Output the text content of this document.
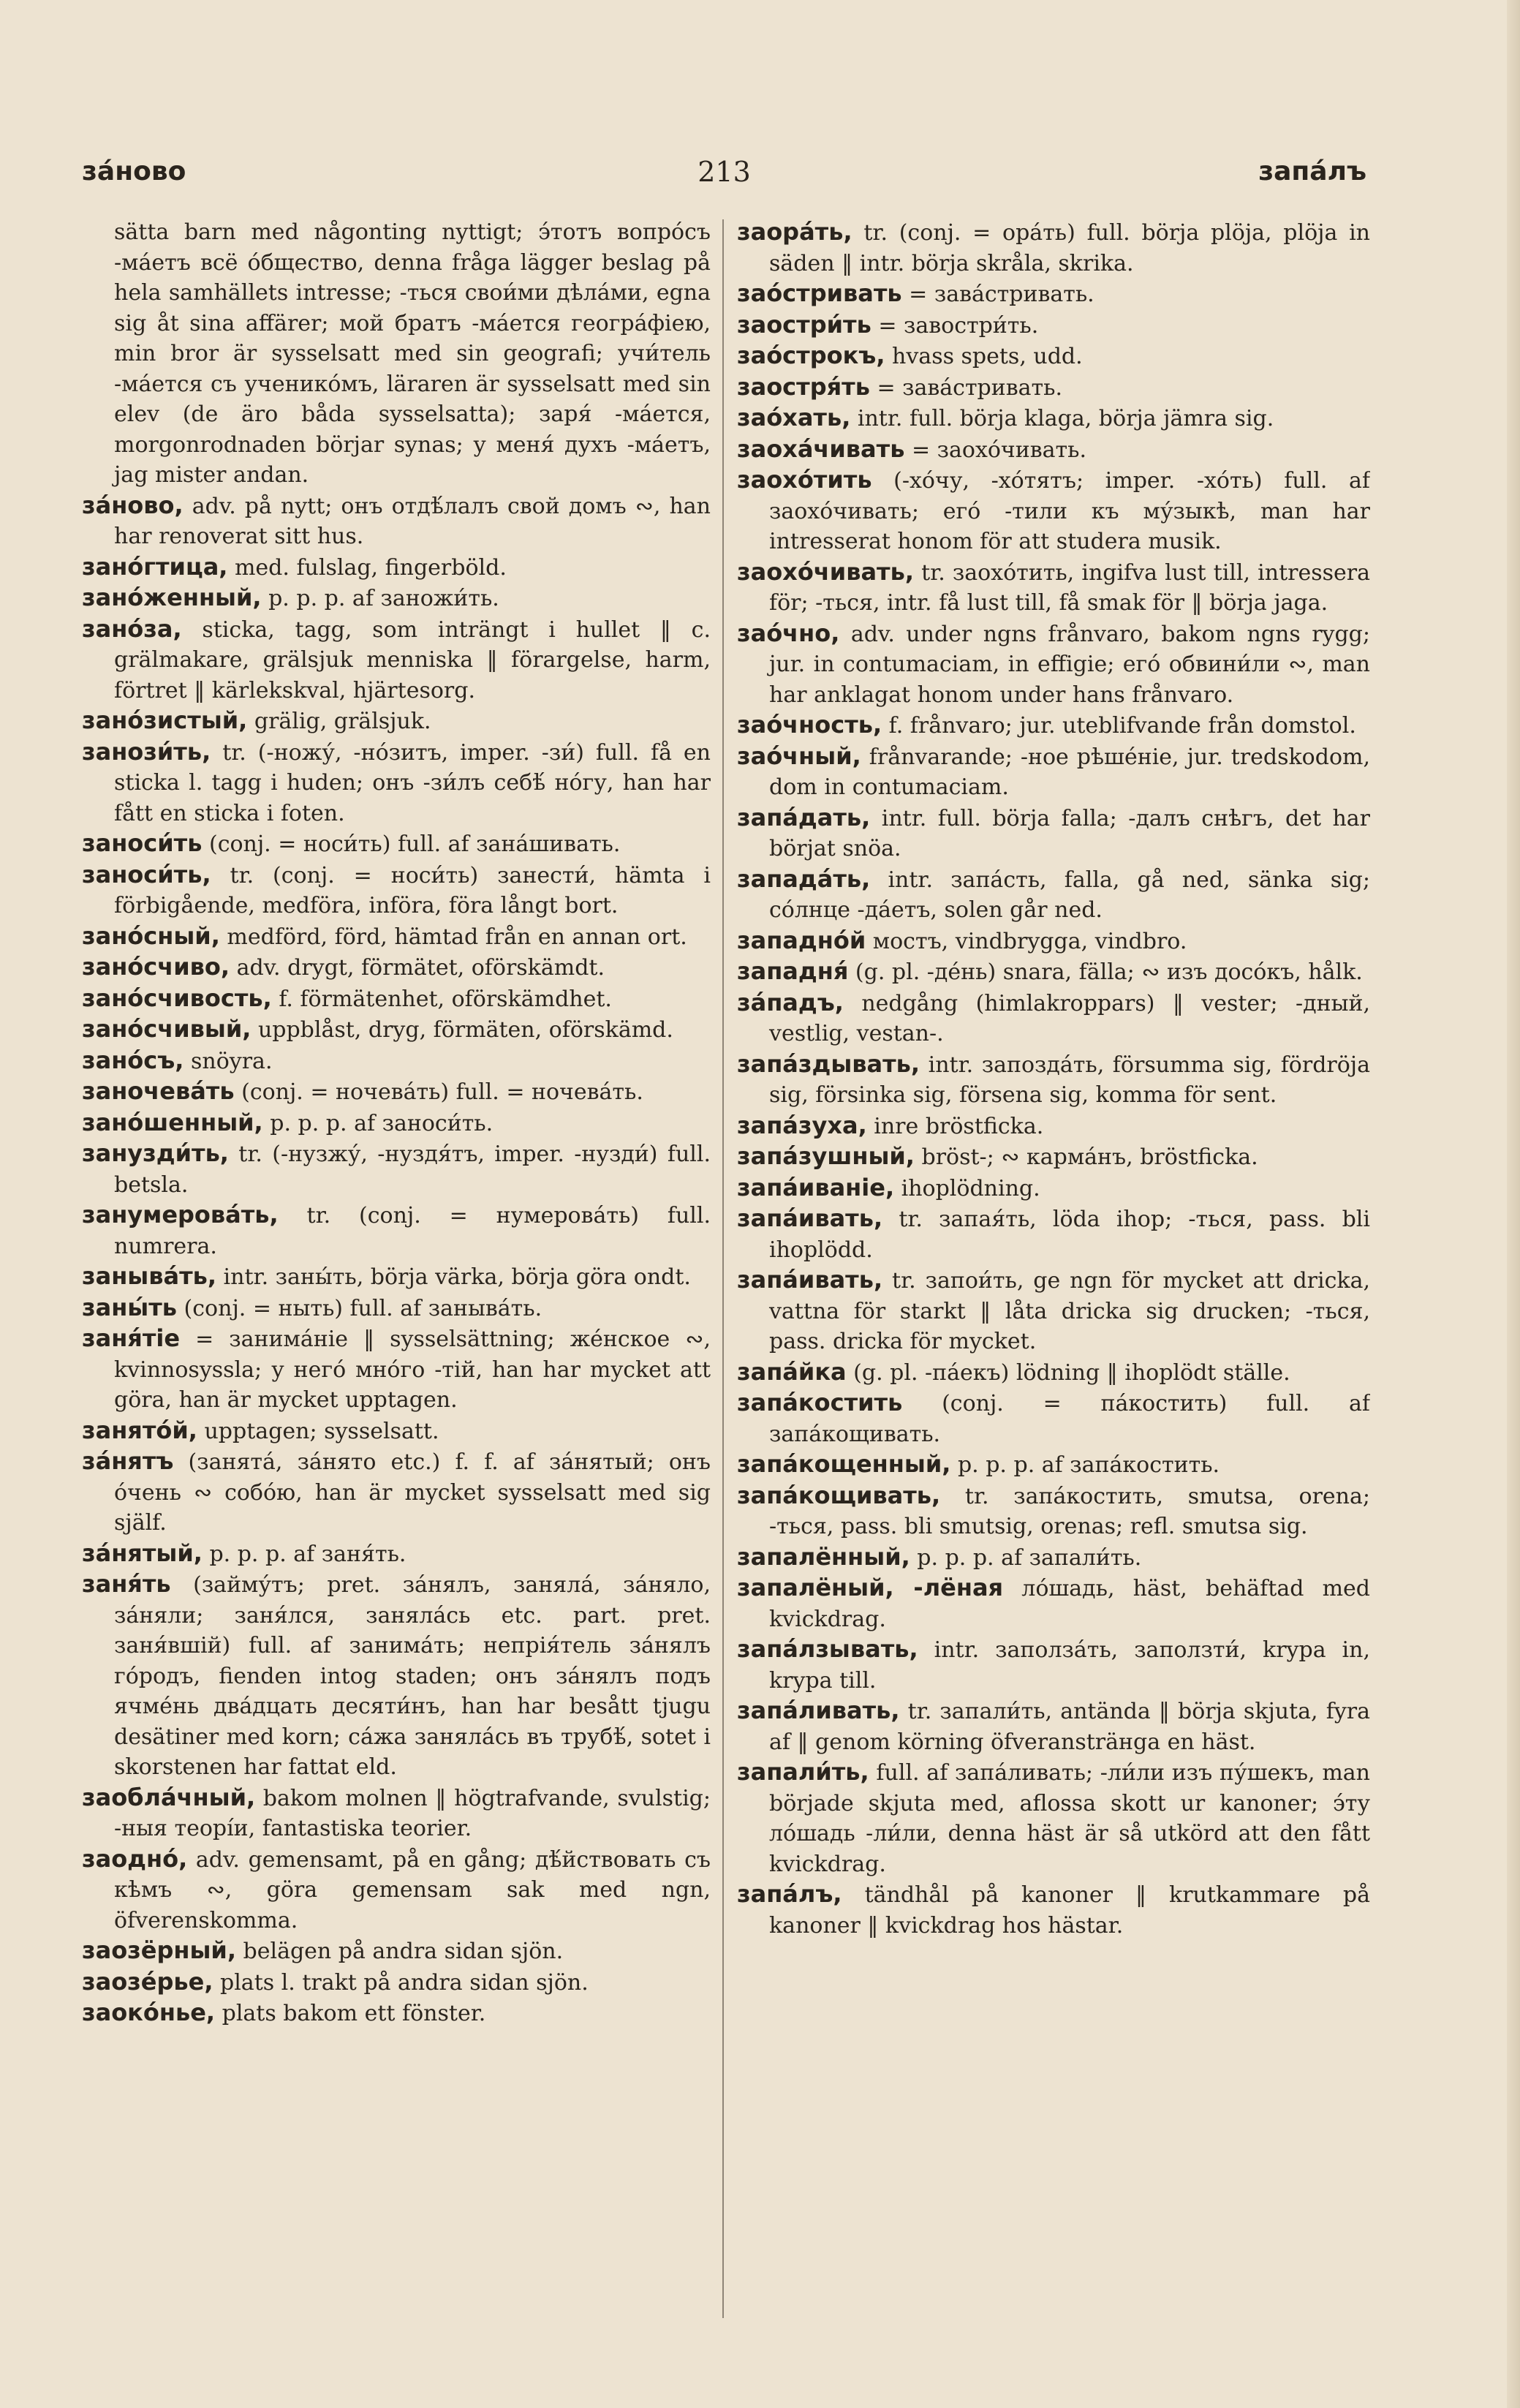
за́ново	213	запа́лъ

sätta barn med någonting nyttigt; э́тотъ вопро́съ -ма́етъ всё о́бщество, denna fråga lägger beslag på hela samhällets intresse; -ться свои́ми дѣла́ми, egna sig åt sina affärer; мой братъ -ма́ется геогра́фіею, min bror är sysselsatt med sin geografi; учи́тель -ма́ется съ ученико́мъ, läraren är sysselsatt med sin elev (de äro båda sysselsatta); заря́ -ма́ется, morgonrodnaden börjar synas; у меня́ духъ -ма́етъ, jag mister andan.

за́ново, adv. på nytt; онъ отдѣ́лалъ свой домъ ∾, han har renoverat sitt hus.

зано́гтица, med. fulslag, fingerböld.

зано́женный, p. p. p. af заножи́ть.

зано́за, sticka, tagg, som inträngt i hullet ‖ c. grälmakare, grälsjuk menniska ‖ förargelse, harm, förtret ‖ kärlekskval, hjärtesorg.

зано́зистый, grälig, grälsjuk.

занози́ть, tr. (-ножу́, -но́зитъ, imper. -зи́) full. få en sticka l. tagg i huden; онъ -зи́лъ себѣ́ но́гу, han har fått en sticka i foten.

заноси́ть (conj. = носи́ть) full. af зана́шивать.

заноси́ть, tr. (conj. = носи́ть) занести́, hämta i förbigående, medföra, införa, föra långt bort.

зано́сный, medförd, förd, hämtad från en annan ort.

зано́счиво, adv. drygt, förmätet, oförskämdt.

зано́счивость, f. förmätenhet, oförskämdhet.

зано́счивый, uppblåst, dryg, förmäten, oförskämd.

зано́съ, snöyra.

заночева́ть (conj. = ночева́ть) full. = ночева́ть.

зано́шенный, p. p. p. af заноси́ть.

занузди́ть, tr. (-нузжу́, -нуздя́тъ, imper. -нузди́) full. betsla.

занумерова́ть, tr. (conj. = нумерова́ть) full. numrera.

заныва́ть, intr. заны́ть, börja värka, börja göra ondt.

заны́ть (conj. = ныть) full. af заныва́ть.

заня́тіе = занима́ніе ‖ sysselsättning; же́нское ∾, kvinnosyssla; у него́ мно́го -тій, han har mycket att göra, han är mycket upptagen.

занято́й, upptagen; sysselsatt.

за́нятъ (занята́, за́нято etc.) f. f. af за́нятый; онъ о́чень ∾ собо́ю, han är mycket sysselsatt med sig själf.

за́нятый, p. p. p. af заня́ть.

заня́ть (займу́тъ; pret. за́нялъ, заняла́, за́няло, за́няли; заня́лся, заняла́сь etc. part. pret. заня́вшій) full. af занима́ть; непрія́тель за́нялъ го́родъ, fienden intog staden; онъ за́нялъ подъ ячме́нь два́дцать десяти́нъ, han har besått tjugu desätiner med korn; са́жа заняла́сь въ трубѣ́, sotet i skorstenen har fattat eld.

заобла́чный, bakom molnen ‖ högtrafvande, svulstig; -ныя теорі́и, fantastiska teorier.

заодно́, adv. gemensamt, på en gång; дѣ́йствовать съ кѣмъ ∾, göra gemensam sak med ngn, öfverenskomma.

заозёрный, belägen på andra sidan sjön.

заозе́рье, plats l. trakt på andra sidan sjön.

заоко́нье, plats bakom ett fönster.

заора́ть, tr. (conj. = ора́ть) full. börja plöja, plöja in säden ‖ intr. börja skråla, skrika.

зао́стривать = зава́стривать.

заостри́ть = завостри́ть.

зао́строкъ, hvass spets, udd.

заостря́ть = зава́стривать.

зао́хать, intr. full. börja klaga, börja jämra sig.

заоха́чивать = заохо́чивать.

заохо́тить (-хо́чу, -хо́тятъ; imper. -хо́ть) full. af заохо́чивать; его́ -тили къ му́зыкѣ, man har intresserat honom för att studera musik.

заохо́чивать, tr. заохо́тить, ingifva lust till, intressera för; -ться, intr. få lust till, få smak för ‖ börja jaga.

зао́чно, adv. under ngns frånvaro, bakom ngns rygg; jur. in contumaciam, in effigie; его́ обвини́ли ∾, man har anklagat honom under hans frånvaro.

зао́чность, f. frånvaro; jur. uteblifvande från domstol.

зао́чный, frånvarande; -ное рѣше́ніе, jur. tredskodom, dom in contumaciam.

запа́дать, intr. full. börja falla; -далъ снѣгъ, det har börjat snöa.

запада́ть, intr. запа́сть, falla, gå ned, sänka sig; со́лнце -да́етъ, solen går ned.

западно́й мостъ, vindbrygga, vindbro.

западня́ (g. pl. -де́нь) snara, fälla; ∾ изъ досо́къ, hålk.

за́падъ, nedgång (himlakroppars) ‖ vester; -дный, vestlig, vestan-.

запа́здывать, intr. запозда́ть, försumma sig, fördröja sig, försinka sig, försena sig, komma för sent.

запа́зуха, inre bröstficka.

запа́зушный, bröst-; ∾ карма́нъ, bröstficka.

запа́иваніе, ihoplödning.

запа́ивать, tr. запая́ть, löda ihop; -ться, pass. bli ihoplödd.

запа́ивать, tr. запои́ть, ge ngn för mycket att dricka, vattna för starkt ‖ låta dricka sig drucken; -ться, pass. dricka för mycket.

запа́йка (g. pl. -па́екъ) lödning ‖ ihoplödt ställe.

запа́костить (conj. = па́костить) full. af запа́кощивать.

запа́кощенный, p. p. p. af запа́костить.

запа́кощивать, tr. запа́костить, smutsa, orena; -ться, pass. bli smutsig, orenas; refl. smutsa sig.

запалённый, p. p. p. af запали́ть.

запалёный, -лёная ло́шадь, häst, behäftad med kvickdrag.

запа́лзывать, intr. заполза́ть, заползти́, krypa in, krypa till.

запа́ливать, tr. запали́ть, antända ‖ börja skjuta, fyra af ‖ genom körning öfveransträнga en häst.

запали́ть, full. af запа́ливать; -ли́ли изъ пу́шекъ, man började skjuta med, aflossa skott ur kanoner; э́ту ло́шадь -ли́ли, denna häst är så utkörd att den fått kvickdrag.

запа́лъ, tändhål på kanoner ‖ krutkammare på kanoner ‖ kvickdrag hos hästar.
